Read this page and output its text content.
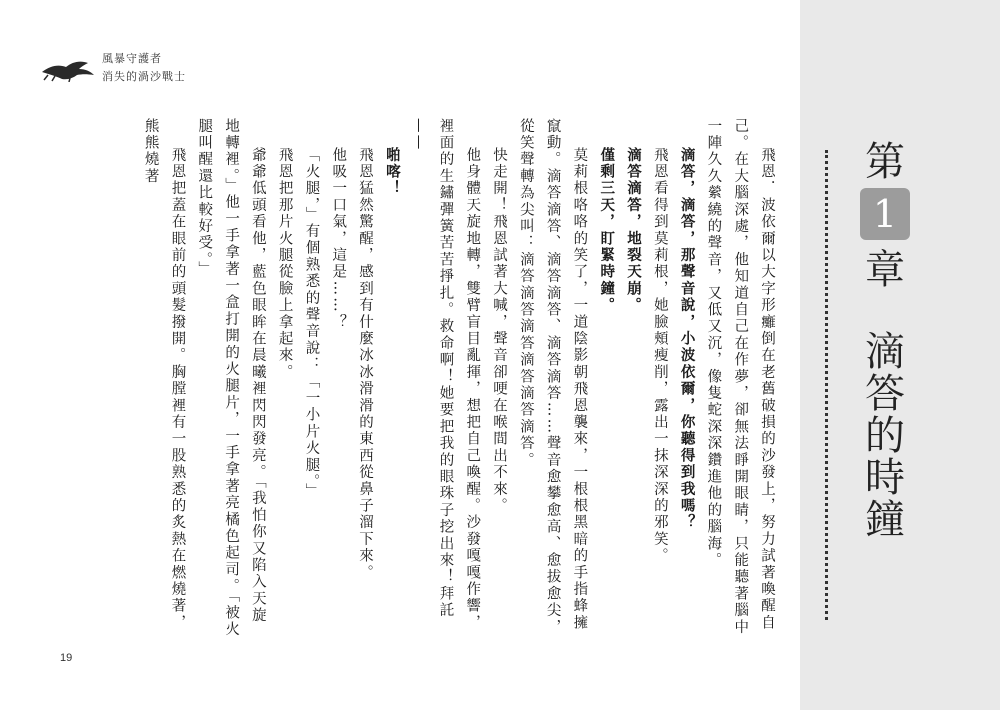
第
1
章
滴
答
的
時
鐘
風暴守護者
消失的渦沙戰士

飛恩．波依爾以大字形癱倒在老舊破損的沙發上，努力試著喚醒自己。在大腦深處，他知道自己在作夢，卻無法睜開眼睛，只能聽著腦中一陣久久縈繞的聲音，又低又沉，像隻蛇深深鑽進他的腦海。

滴答，滴答，那聲音說，小波依爾，你聽得到我嗎？

飛恩看得到莫莉根，她臉頰瘦削，露出一抹深深的邪笑。

滴答滴答，地裂天崩。

僅剩三天，盯緊時鐘。

莫莉根咯咯的笑了，一道陰影朝飛恩襲來，一根根黑暗的手指蜂擁竄動。滴答滴答、滴答滴答、滴答滴答……聲音愈攀愈高、愈拔愈尖，從笑聲轉為尖叫：滴答滴答滴答滴答滴答滴答。

快走開！飛恩試著大喊，聲音卻哽在喉間出不來。

他身體天旋地轉，雙臂盲目亂揮，想把自己喚醒。沙發嘎嘎作響，裡面的生鏽彈簧苦苦掙扎。救命啊！她要把我的眼珠子挖出來！拜託——

啪喀！

飛恩猛然驚醒，感到有什麼冰冰滑滑的東西從鼻子溜下來。

他吸一口氣，這是……？

「火腿，」有個熟悉的聲音說：「一小片火腿。」

飛恩把那片火腿從臉上拿起來。

爺爺低頭看他，藍色眼眸在晨曦裡閃閃發亮。「我怕你又陷入天旋地轉裡。」他一手拿著一盒打開的火腿片，一手拿著亮橘色起司。「被火腿叫醒還比較好受。」

飛恩把蓋在眼前的頭髮撥開。胸膛裡有一股熟悉的炙熱在燃燒著，熊熊燒著

19
